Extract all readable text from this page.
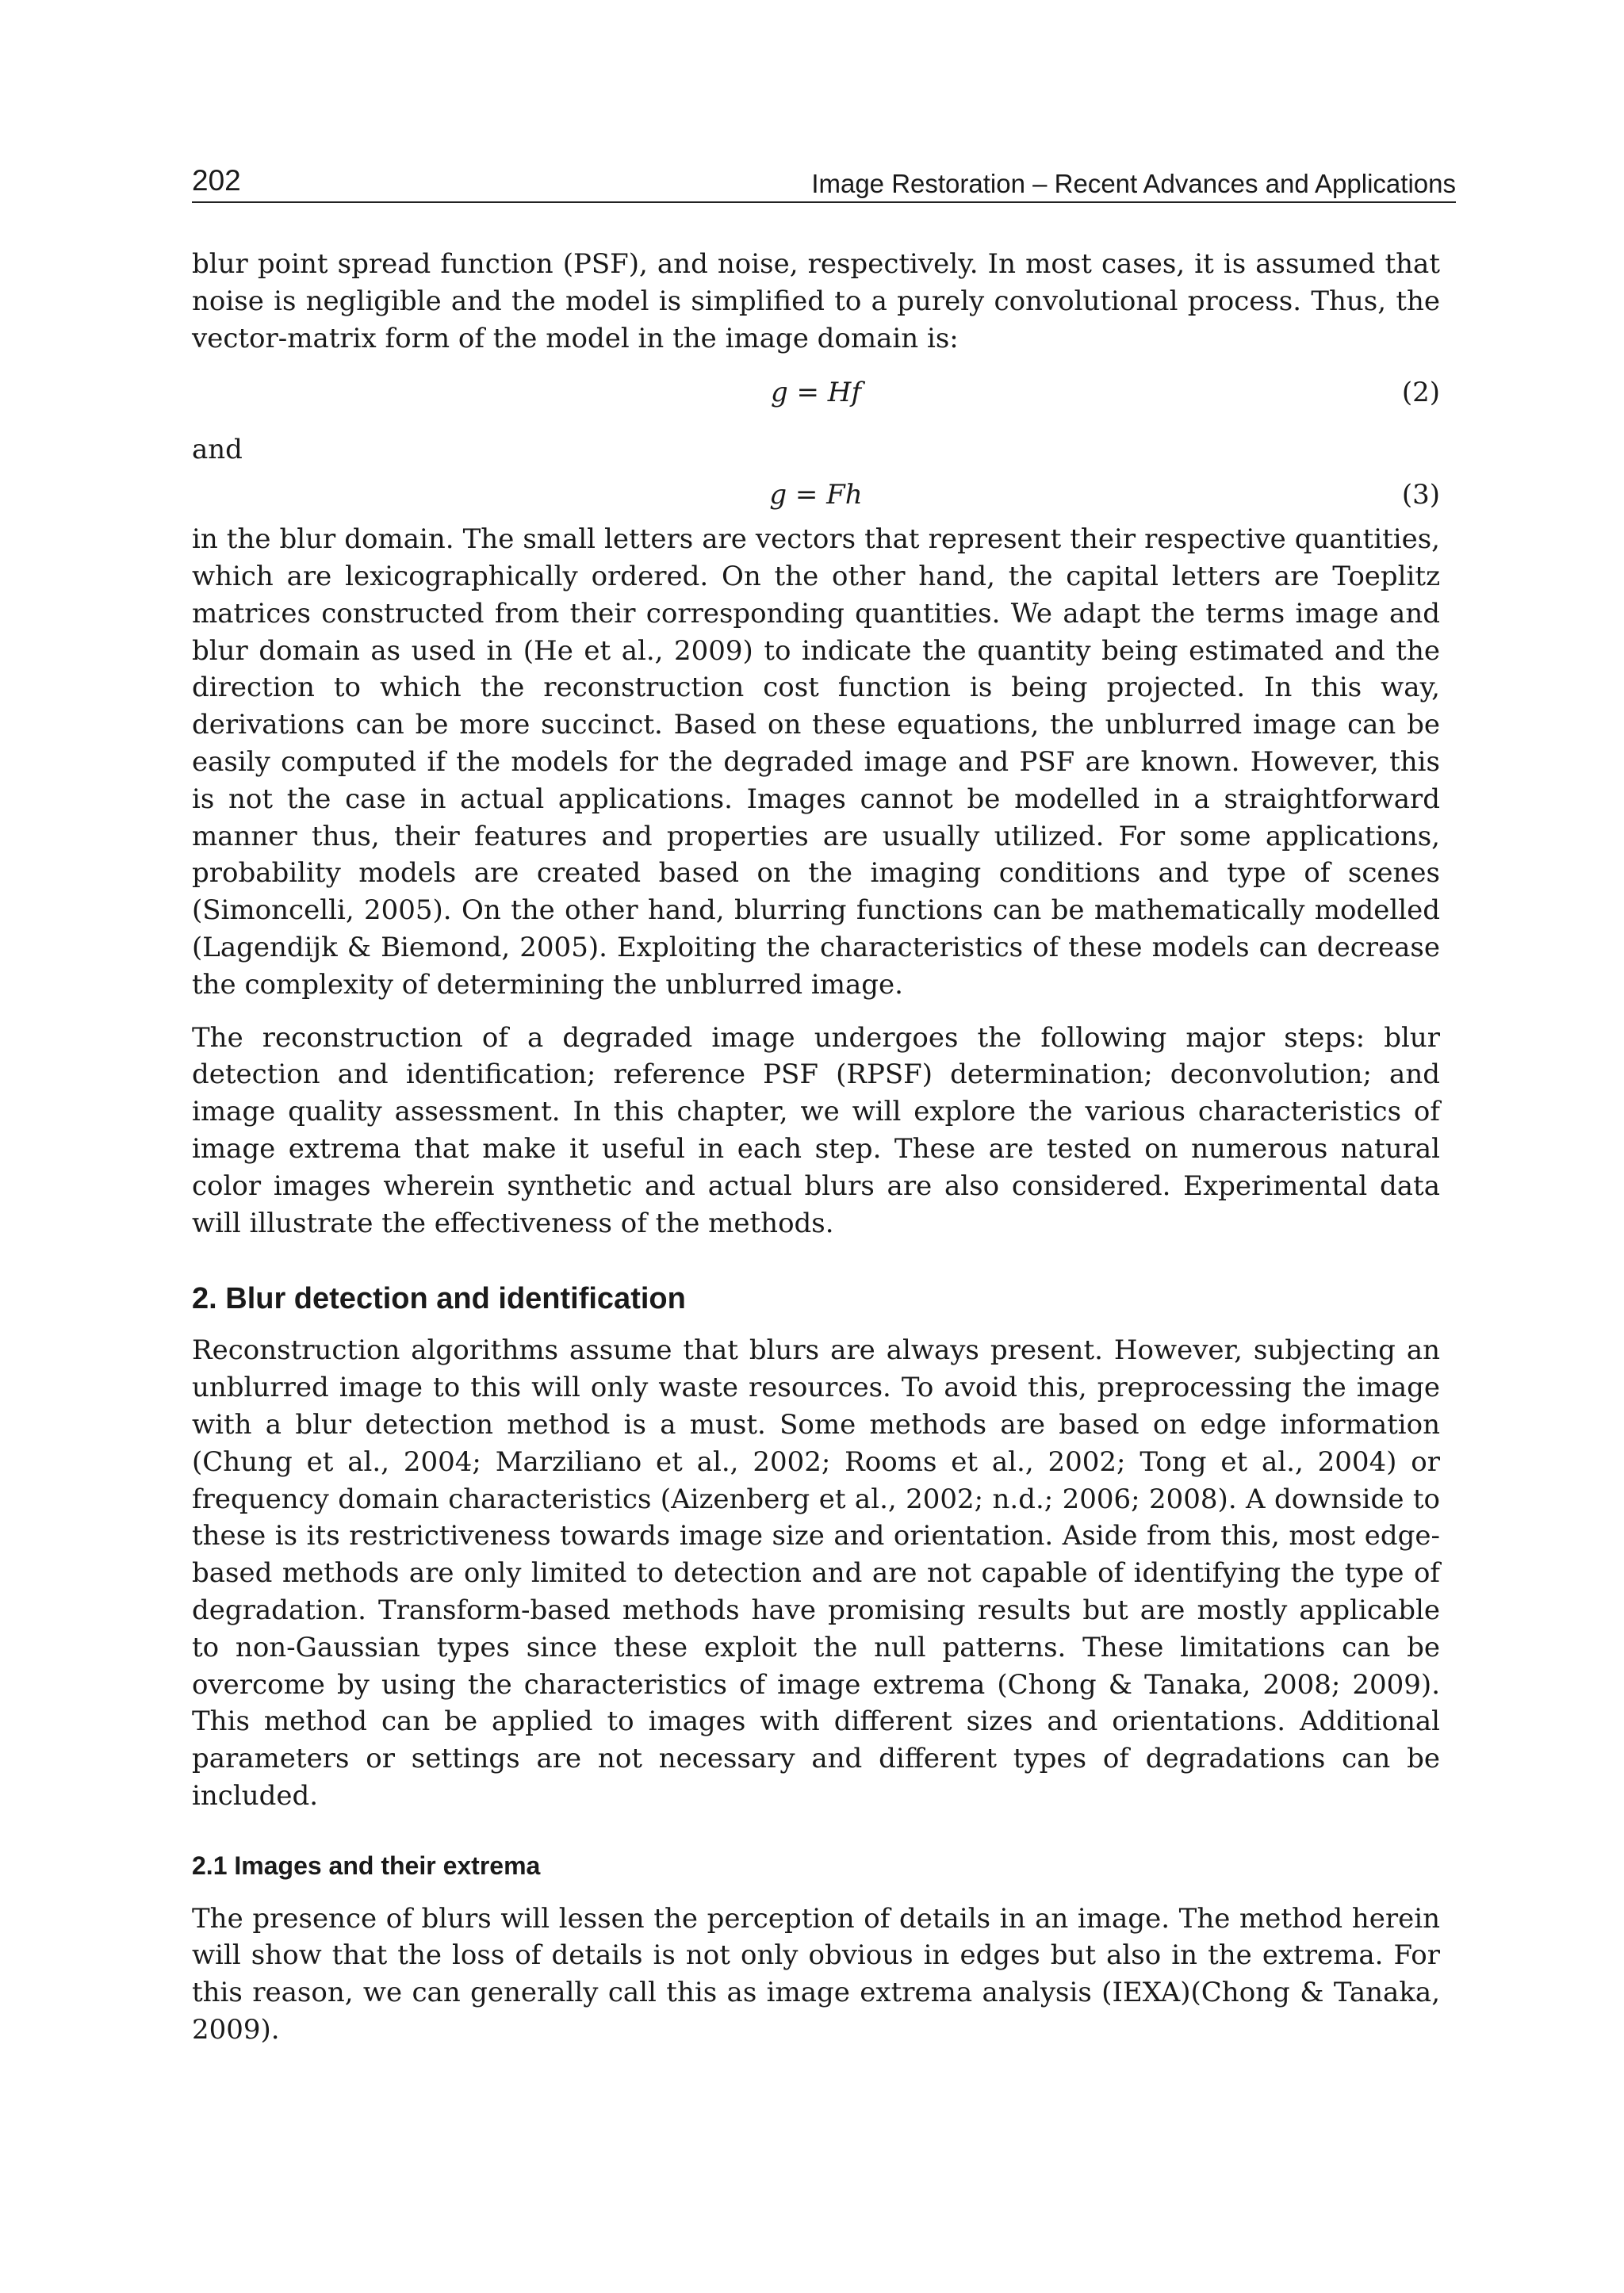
202	Image Restoration – Recent Advances and Applications

blur point spread function (PSF), and noise, respectively. In most cases, it is assumed that noise is negligible and the model is simplified to a purely convolutional process. Thus, the vector-matrix form of the model in the image domain is:

g = Hf	(2)

and

g = Fh	(3)

in the blur domain. The small letters are vectors that represent their respective quantities, which are lexicographically ordered. On the other hand, the capital letters are Toeplitz matrices constructed from their corresponding quantities. We adapt the terms image and blur domain as used in (He et al., 2009) to indicate the quantity being estimated and the direction to which the reconstruction cost function is being projected. In this way, derivations can be more succinct. Based on these equations, the unblurred image can be easily computed if the models for the degraded image and PSF are known. However, this is not the case in actual applications. Images cannot be modelled in a straightforward manner thus, their features and properties are usually utilized. For some applications, probability models are created based on the imaging conditions and type of scenes (Simoncelli, 2005). On the other hand, blurring functions can be mathematically modelled (Lagendijk & Biemond, 2005). Exploiting the characteristics of these models can decrease the complexity of determining the unblurred image.

The reconstruction of a degraded image undergoes the following major steps: blur detection and identification; reference PSF (RPSF) determination; deconvolution; and image quality assessment. In this chapter, we will explore the various characteristics of image extrema that make it useful in each step. These are tested on numerous natural color images wherein synthetic and actual blurs are also considered. Experimental data will illustrate the effectiveness of the methods.

2. Blur detection and identification

Reconstruction algorithms assume that blurs are always present. However, subjecting an unblurred image to this will only waste resources. To avoid this, preprocessing the image with a blur detection method is a must. Some methods are based on edge information (Chung et al., 2004; Marziliano et al., 2002; Rooms et al., 2002; Tong et al., 2004) or frequency domain characteristics (Aizenberg et al., 2002; n.d.; 2006; 2008). A downside to these is its restrictiveness towards image size and orientation. Aside from this, most edge-based methods are only limited to detection and are not capable of identifying the type of degradation. Transform-based methods have promising results but are mostly applicable to non-Gaussian types since these exploit the null patterns. These limitations can be overcome by using the characteristics of image extrema (Chong & Tanaka, 2008; 2009). This method can be applied to images with different sizes and orientations. Additional parameters or settings are not necessary and different types of degradations can be included.

2.1 Images and their extrema

The presence of blurs will lessen the perception of details in an image. The method herein will show that the loss of details is not only obvious in edges but also in the extrema. For this reason, we can generally call this as image extrema analysis (IEXA)(Chong & Tanaka, 2009).
